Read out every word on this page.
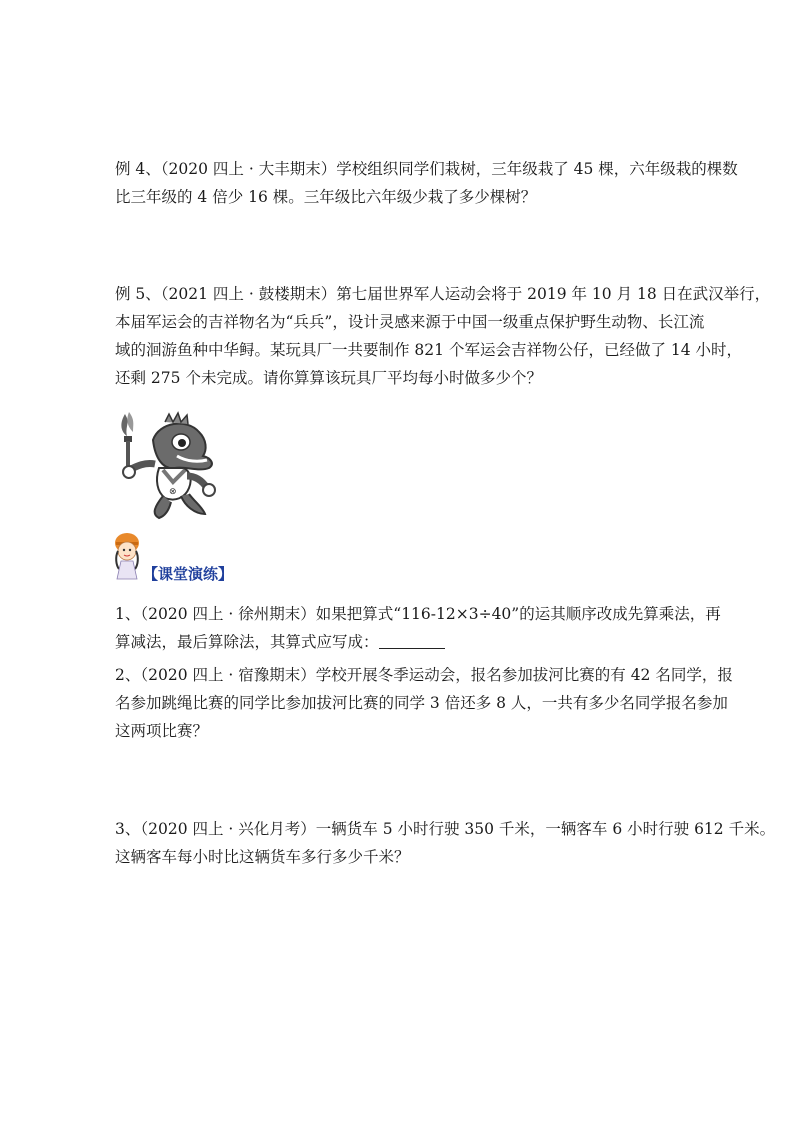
例 4、（2020 四上 · 大丰期末）学校组织同学们栽树，三年级栽了 45 棵，六年级栽的棵数
比三年级的 4 倍少 16 棵。三年级比六年级少栽了多少棵树？
例 5、（2021 四上 · 鼓楼期末）第七届世界军人运动会将于 2019 年 10 月 18 日在武汉举行，
本届军运会的吉祥物名为“兵兵”，设计灵感来源于中国一级重点保护野生动物、长江流
域的洄游鱼种中华鲟。某玩具厂一共要制作 821 个军运会吉祥物公仔，已经做了 14 小时，
还剩 275 个未完成。请你算算该玩具厂平均每小时做多少个？
⊗
【课堂演练】
1、（2020 四上 · 徐州期末）如果把算式“116-12×3÷40”的运其顺序改成先算乘法，再
算减法，最后算除法，其算式应写成：
2、（2020 四上 · 宿豫期末）学校开展冬季运动会，报名参加拔河比赛的有 42 名同学，报
名参加跳绳比赛的同学比参加拔河比赛的同学 3 倍还多 8 人，一共有多少名同学报名参加
这两项比赛？
3、（2020 四上 · 兴化月考）一辆货车 5 小时行驶 350 千米，一辆客车 6 小时行驶 612 千米。
这辆客车每小时比这辆货车多行多少千米？
